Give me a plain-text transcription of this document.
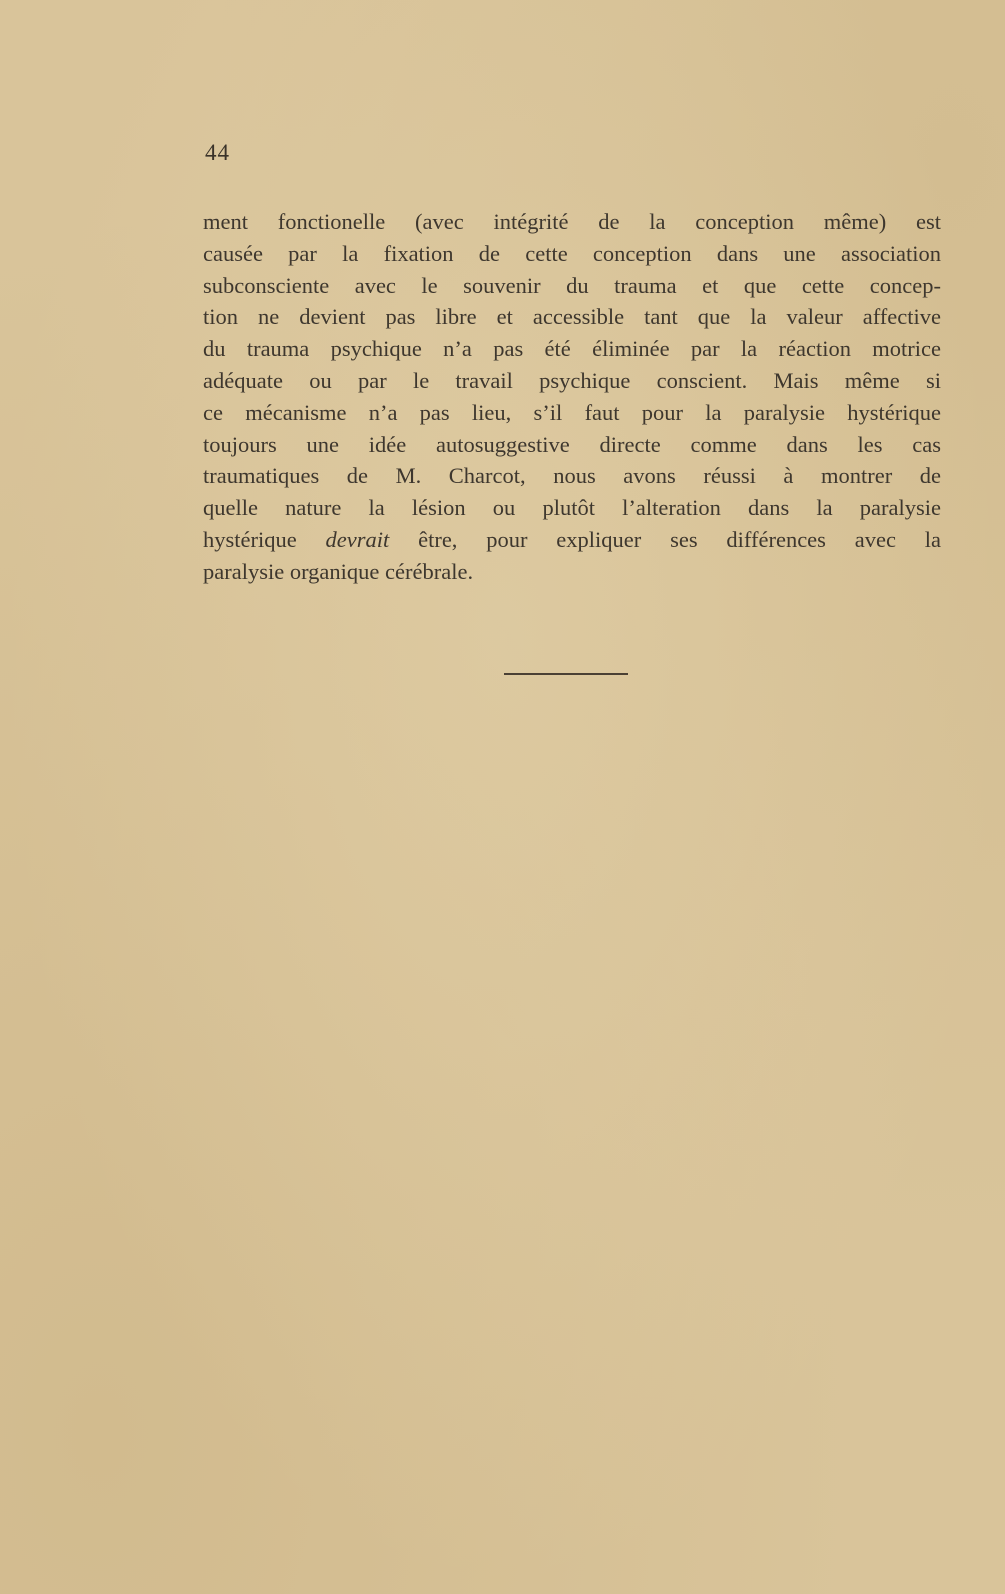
44
ment fonctionelle (avec intégrité de la conception même) est
causée par la fixation de cette conception dans une association
subconsciente avec le souvenir du trauma et que cette concep-
tion ne devient pas libre et accessible tant que la valeur affective
du trauma psychique n’a pas été éliminée par la réaction motrice
adéquate ou par le travail psychique conscient. Mais même si
ce mécanisme n’a pas lieu, s’il faut pour la paralysie hystérique
toujours une idée autosuggestive directe comme dans les cas
traumatiques de M. Charcot, nous avons réussi à montrer de
quelle nature la lésion ou plutôt l’alteration dans la paralysie
hystérique devrait être, pour expliquer ses différences avec la
paralysie organique cérébrale.
